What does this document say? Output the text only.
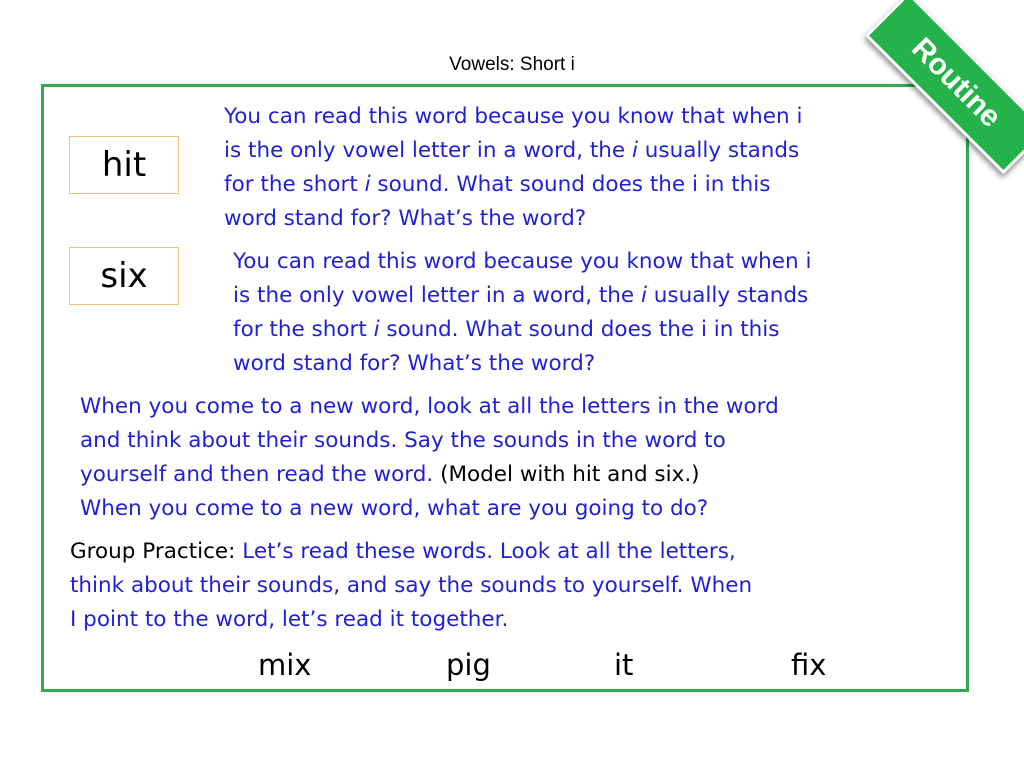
Vowels: Short i	Routine
hit
six
You can read this word because you know that when i
is the only vowel letter in a word, the i usually stands
for the short i sound. What sound does the i in this
word stand for? What’s the word?
You can read this word because you know that when i
is the only vowel letter in a word, the i usually stands
for the short i sound. What sound does the i in this
word stand for? What’s the word?
When you come to a new word, look at all the letters in the word
and think about their sounds. Say the sounds in the word to
yourself and then read the word. (Model with hit and six.)
When you come to a new word, what are you going to do?
Group Practice: Let’s read these words. Look at all the letters,
think about their sounds, and say the sounds to yourself. When
I point to the word, let’s read it together.
mix	pig	it	fix
